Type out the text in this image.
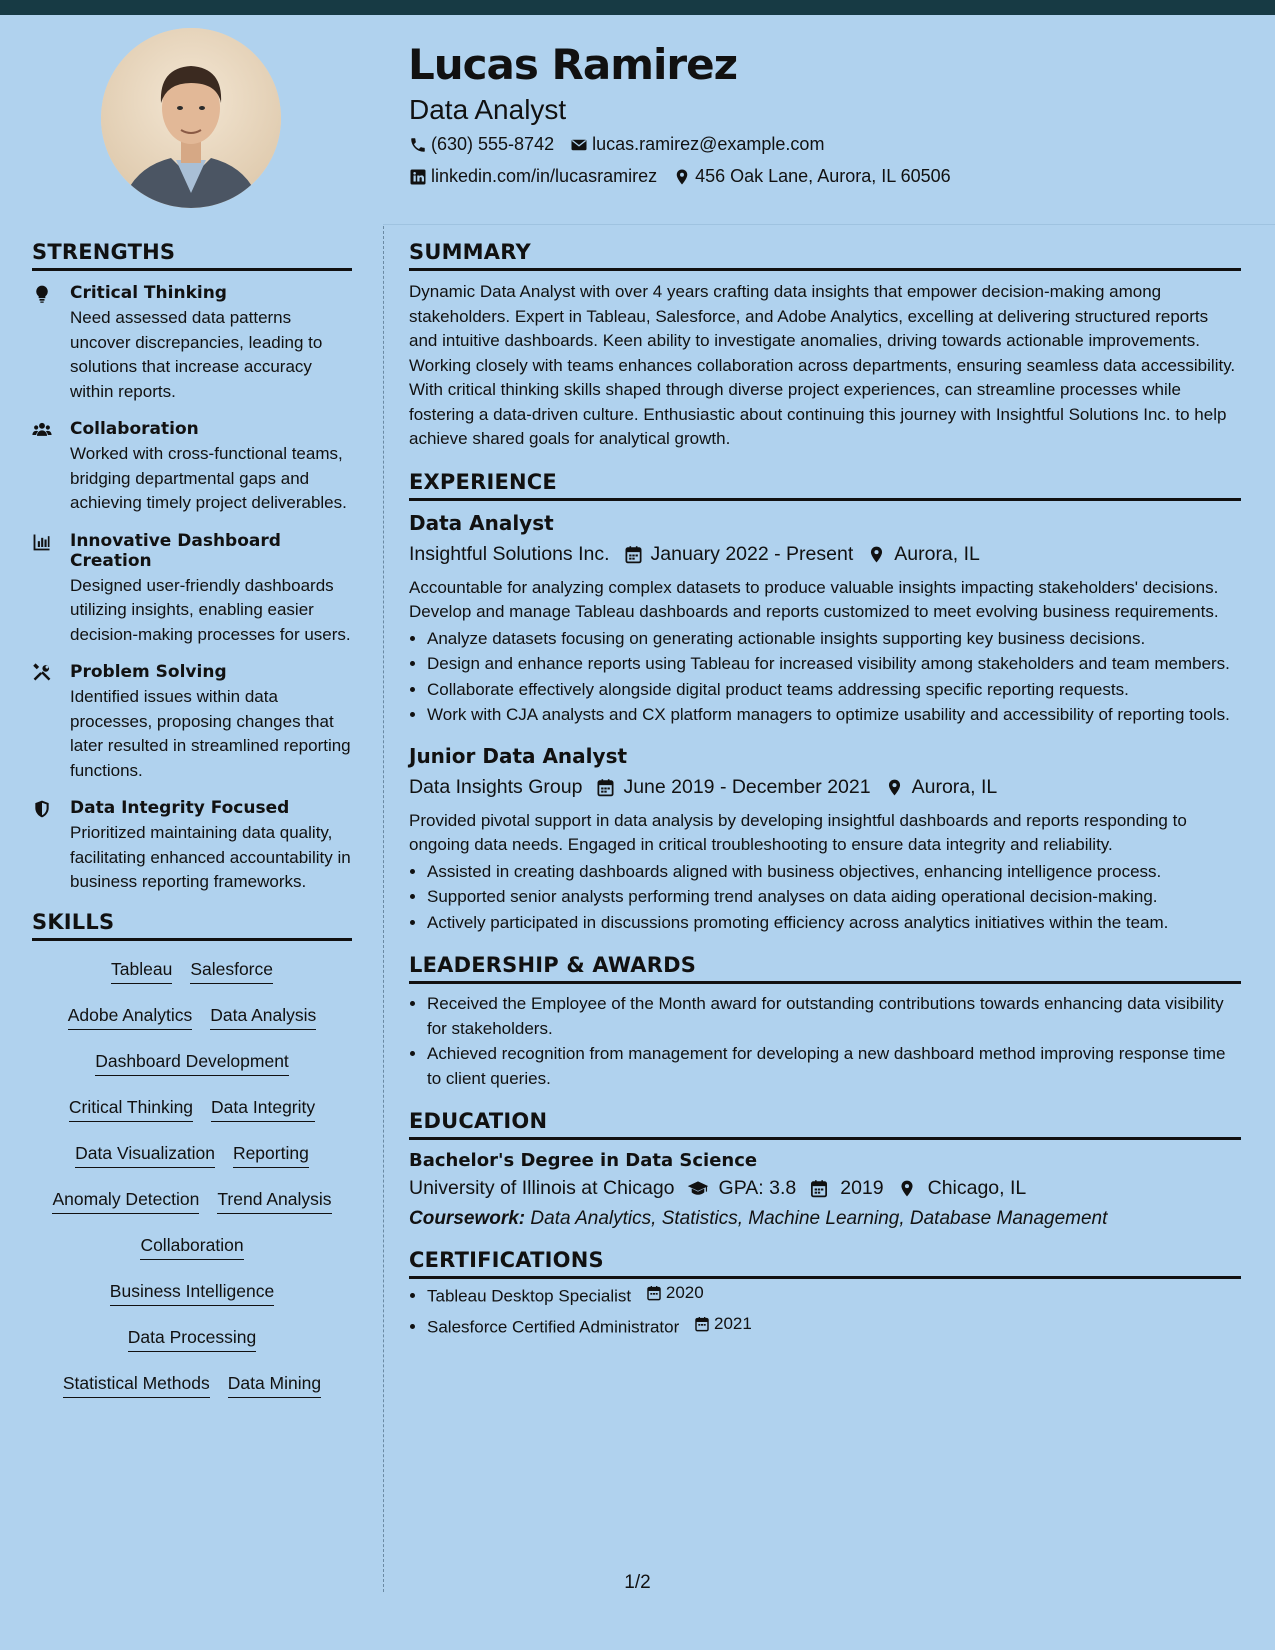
Lucas Ramirez
Data Analyst
(630) 555-8742 lucas.ramirez@example.com
linkedin.com/in/lucasramirez 456 Oak Lane, Aurora, IL 60506
STRENGTHS
Critical Thinking
Need assessed data patterns uncover discrepancies, leading to solutions that increase accuracy within reports.
Collaboration
Worked with cross-functional teams, bridging departmental gaps and achieving timely project deliverables.
Innovative Dashboard Creation
Designed user-friendly dashboards utilizing insights, enabling easier decision-making processes for users.
Problem Solving
Identified issues within data processes, proposing changes that later resulted in streamlined reporting functions.
Data Integrity Focused
Prioritized maintaining data quality, facilitating enhanced accountability in business reporting frameworks.
SKILLS
Tableau Salesforce
Adobe Analytics Data Analysis
Dashboard Development
Critical Thinking Data Integrity
Data Visualization Reporting
Anomaly Detection Trend Analysis
Collaboration
Business Intelligence
Data Processing
Statistical Methods Data Mining
SUMMARY

Dynamic Data Analyst with over 4 years crafting data insights that empower decision-making among stakeholders. Expert in Tableau, Salesforce, and Adobe Analytics, excelling at delivering structured reports and intuitive dashboards. Keen ability to investigate anomalies, driving towards actionable improvements. Working closely with teams enhances collaboration across departments, ensuring seamless data accessibility. With critical thinking skills shaped through diverse project experiences, can streamline processes while fostering a data-driven culture. Enthusiastic about continuing this journey with Insightful Solutions Inc. to help achieve shared goals for analytical growth.

EXPERIENCE
Data Analyst
Insightful Solutions Inc. January 2022 - Present Aurora, IL

Accountable for analyzing complex datasets to produce valuable insights impacting stakeholders' decisions. Develop and manage Tableau dashboards and reports customized to meet evolving business requirements.

• Analyze datasets focusing on generating actionable insights supporting key business decisions.
• Design and enhance reports using Tableau for increased visibility among stakeholders and team members.
• Collaborate effectively alongside digital product teams addressing specific reporting requests.
• Work with CJA analysts and CX platform managers to optimize usability and accessibility of reporting tools.
Junior Data Analyst
Data Insights Group June 2019 - December 2021 Aurora, IL

Provided pivotal support in data analysis by developing insightful dashboards and reports responding to ongoing data needs. Engaged in critical troubleshooting to ensure data integrity and reliability.

• Assisted in creating dashboards aligned with business objectives, enhancing intelligence process.
• Supported senior analysts performing trend analyses on data aiding operational decision-making.
• Actively participated in discussions promoting efficiency across analytics initiatives within the team.
LEADERSHIP & AWARDS
• Received the Employee of the Month award for outstanding contributions towards enhancing data visibility for stakeholders.
• Achieved recognition from management for developing a new dashboard method improving response time to client queries.
EDUCATION
Bachelor's Degree in Data Science
University of Illinois at Chicago GPA: 3.8 2019 Chicago, IL
Coursework: Data Analytics, Statistics, Machine Learning, Database Management
CERTIFICATIONS
• Tableau Desktop Specialist 2020
• Salesforce Certified Administrator 2021
1/2
